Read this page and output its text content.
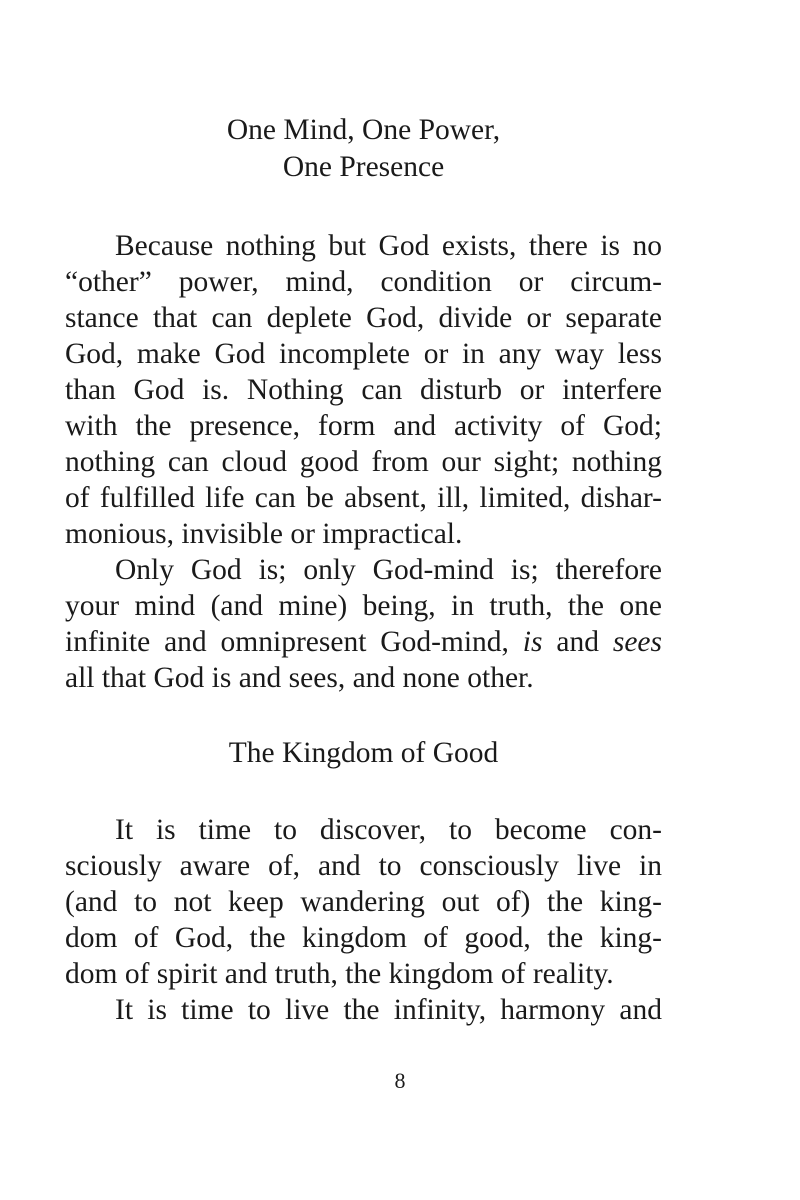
One Mind, One Power,
One Presence

Because nothing but God exists, there is no
“other” power, mind, condition or circum-
stance that can deplete God, divide or separate
God, make God incomplete or in any way less
than God is. Nothing can disturb or interfere
with the presence, form and activity of God;
nothing can cloud good from our sight; nothing
of fulfilled life can be absent, ill, limited, dishar-
monious, invisible or impractical.

Only God is; only God-mind is; therefore
your mind (and mine) being, in truth, the one
infinite and omnipresent God-mind, is and sees
all that God is and sees, and none other.

The Kingdom of Good

It is time to discover, to become con-
sciously aware of, and to consciously live in
(and to not keep wandering out of) the king-
dom of God, the kingdom of good, the king-
dom of spirit and truth, the kingdom of reality.

It is time to live the infinity, harmony and

8
